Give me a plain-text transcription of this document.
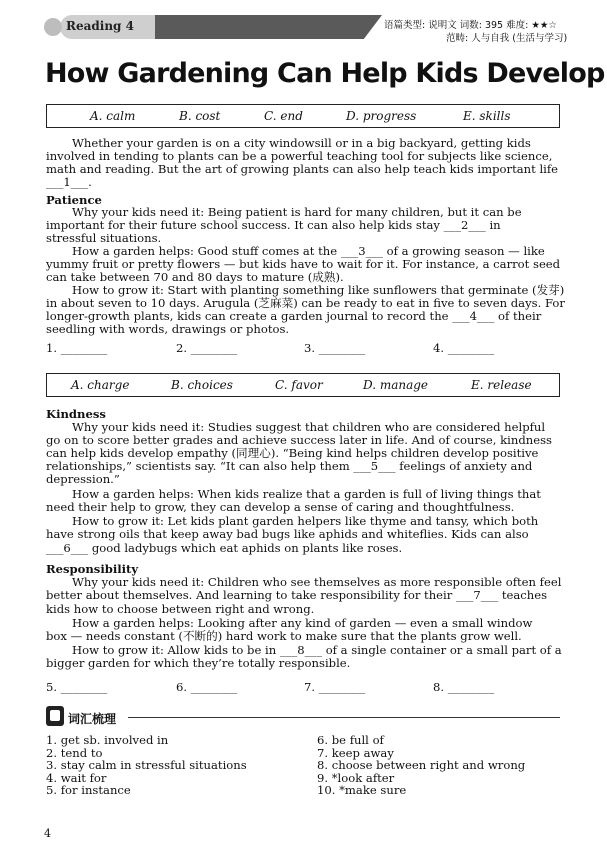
Reading 4	语篇类型: 说明文 词数: 395 难度: ★★☆
范畴: 人与自我 (生活与学习)
How Gardening Can Help Kids Develop
A. calm	B. cost	C. end	D. progress	E. skills
Whether your garden is on a city windowsill or in a big backyard, getting kids
involved in tending to plants can be a powerful teaching tool for subjects like science,
math and reading. But the art of growing plants can also help teach kids important life
___1___.
Patience
Why your kids need it: Being patient is hard for many children, but it can be
important for their future school success. It can also help kids stay ___2___ in
stressful situations.
How a garden helps: Good stuff comes at the ___3___ of a growing season — like
yummy fruit or pretty flowers — but kids have to wait for it. For instance, a carrot seed
can take between 70 and 80 days to mature (成熟).
How to grow it: Start with planting something like sunflowers that germinate (发芽)
in about seven to 10 days. Arugula (芝麻菜) can be ready to eat in five to seven days. For
longer-growth plants, kids can create a garden journal to record the ___4___ of their
seedling with words, drawings or photos.
1. ________	2. ________	3. ________	4. ________
A. charge	B. choices	C. favor	D. manage	E. release
Kindness
Why your kids need it: Studies suggest that children who are considered helpful
go on to score better grades and achieve success later in life. And of course, kindness
can help kids develop empathy (同理心). “Being kind helps children develop positive
relationships,” scientists say. “It can also help them ___5___ feelings of anxiety and
depression.”
How a garden helps: When kids realize that a garden is full of living things that
need their help to grow, they can develop a sense of caring and thoughtfulness.
How to grow it: Let kids plant garden helpers like thyme and tansy, which both
have strong oils that keep away bad bugs like aphids and whiteflies. Kids can also
___6___ good ladybugs which eat aphids on plants like roses.
Responsibility
Why your kids need it: Children who see themselves as more responsible often feel
better about themselves. And learning to take responsibility for their ___7___ teaches
kids how to choose between right and wrong.
How a garden helps: Looking after any kind of garden — even a small window
box — needs constant (不断的) hard work to make sure that the plants grow well.
How to grow it: Allow kids to be in ___8___ of a single container or a small part of a
bigger garden for which they’re totally responsible.
5. ________	6. ________	7. ________	8. ________
词汇梳理
1. get sb. involved in
2. tend to
3. stay calm in stressful situations
4. wait for
5. for instance
6. be full of
7. keep away
8. choose between right and wrong
9. *look after
10. *make sure
4
